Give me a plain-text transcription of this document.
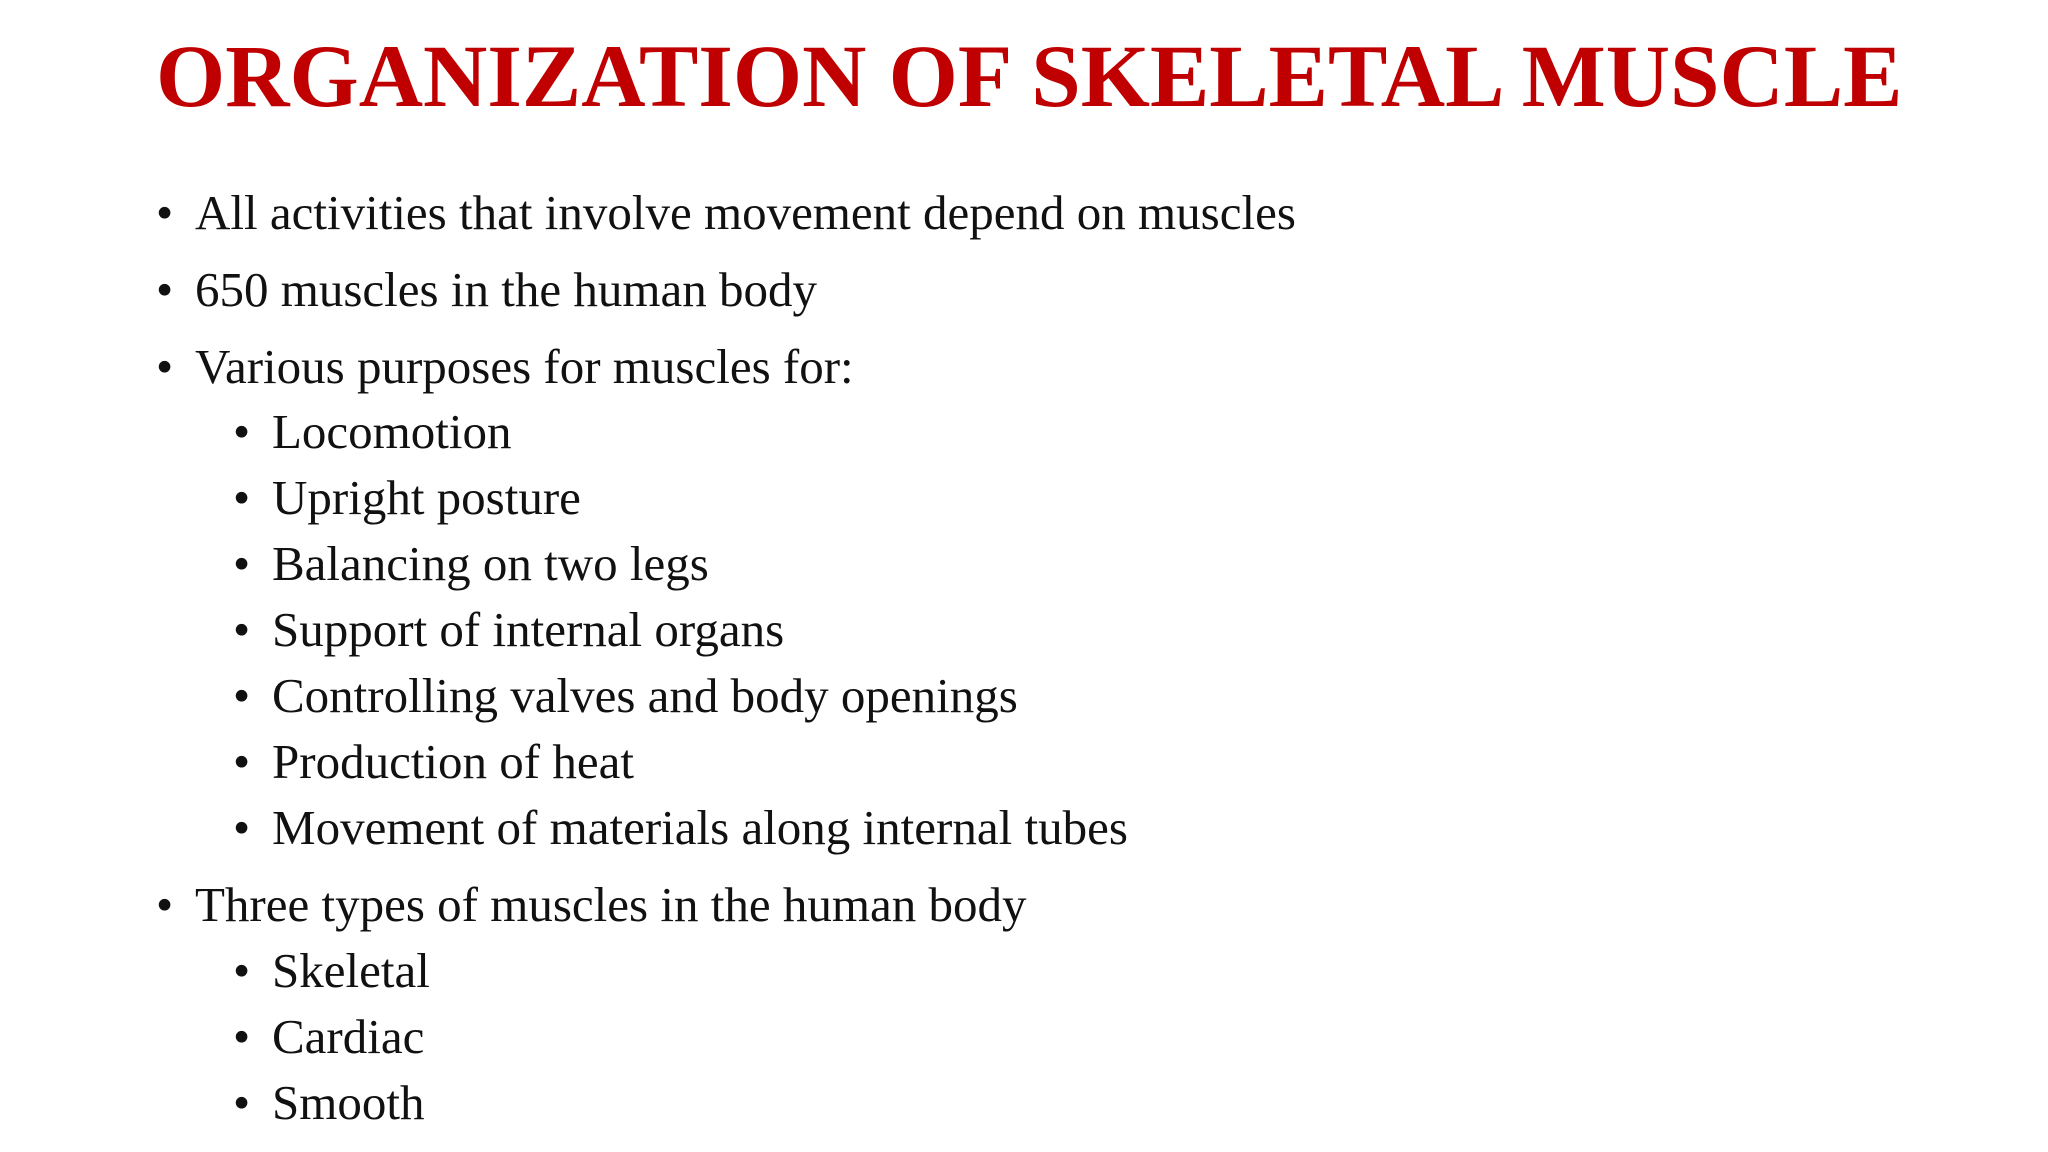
ORGANIZATION OF SKELETAL MUSCLE
• All activities that involve movement depend on muscles
• 650 muscles in the human body
• Various purposes for muscles for:
• Locomotion
• Upright posture
• Balancing on two legs
• Support of internal organs
• Controlling valves and body openings
• Production of heat
• Movement of materials along internal tubes
• Three types of muscles in the human body
• Skeletal
• Cardiac
• Smooth
